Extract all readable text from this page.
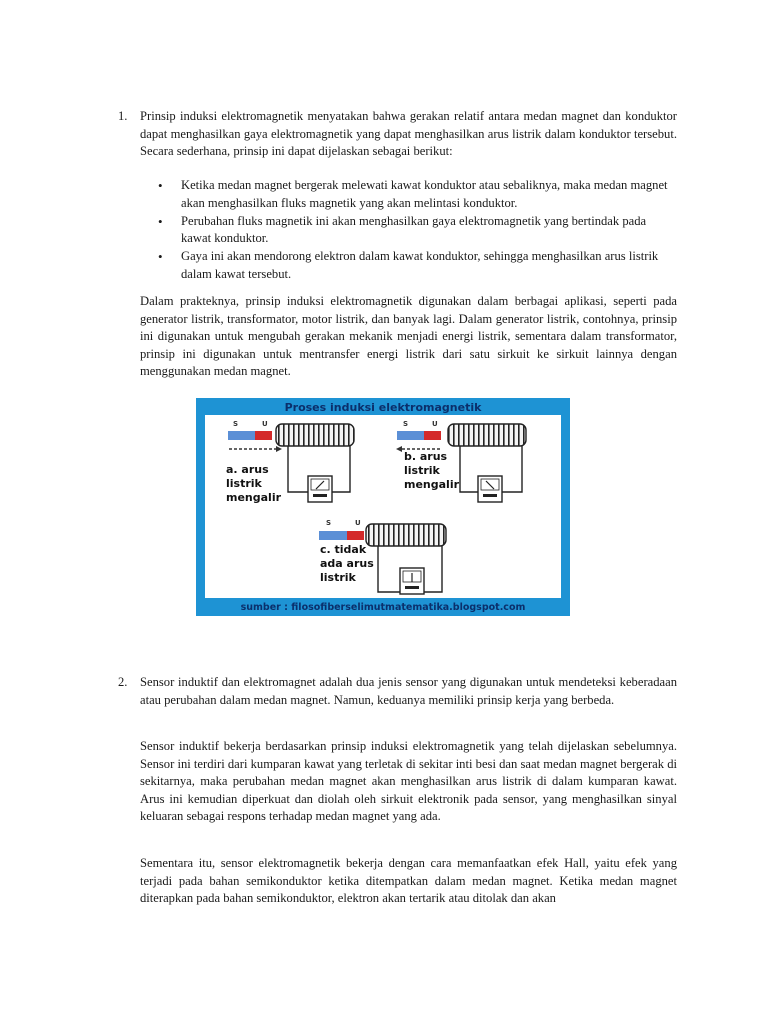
1. Prinsip induksi elektromagnetik menyatakan bahwa gerakan relatif antara medan magnet dan konduktor dapat menghasilkan gaya elektromagnetik yang dapat menghasilkan arus listrik dalam konduktor tersebut. Secara sederhana, prinsip ini dapat dijelaskan sebagai berikut:

• Ketika medan magnet bergerak melewati kawat konduktor atau sebaliknya, maka medan magnet akan menghasilkan fluks magnetik yang akan melintasi konduktor.
• Perubahan fluks magnetik ini akan menghasilkan gaya elektromagnetik yang bertindak pada kawat konduktor.
• Gaya ini akan mendorong elektron dalam kawat konduktor, sehingga menghasilkan arus listrik dalam kawat tersebut.

Dalam prakteknya, prinsip induksi elektromagnetik digunakan dalam berbagai aplikasi, seperti pada generator listrik, transformator, motor listrik, dan banyak lagi. Dalam generator listrik, contohnya, prinsip ini digunakan untuk mengubah gerakan mekanik menjadi energi listrik, sementara dalam transformator, prinsip ini digunakan untuk mentransfer energi listrik dari satu sirkuit ke sirkuit lainnya dengan menggunakan medan magnet.

Proses induksi elektromagnetik
S	U
a. arus
listrik
mengalir
S	U
b. arus
listrik
mengalir
S	U
c. tidak
ada arus
listrik
sumber : filosofiberselimutmatematika.blogspot.com
2. Sensor induktif dan elektromagnet adalah dua jenis sensor yang digunakan untuk mendeteksi keberadaan atau perubahan dalam medan magnet. Namun, keduanya memiliki prinsip kerja yang berbeda.

Sensor induktif bekerja berdasarkan prinsip induksi elektromagnetik yang telah dijelaskan sebelumnya. Sensor ini terdiri dari kumparan kawat yang terletak di sekitar inti besi dan saat medan magnet bergerak di sekitarnya, maka perubahan medan magnet akan menghasilkan arus listrik di dalam kumparan kawat. Arus ini kemudian diperkuat dan diolah oleh sirkuit elektronik pada sensor, yang menghasilkan sinyal keluaran sebagai respons terhadap medan magnet yang ada.

Sementara itu, sensor elektromagnetik bekerja dengan cara memanfaatkan efek Hall, yaitu efek yang terjadi pada bahan semikonduktor ketika ditempatkan dalam medan magnet. Ketika medan magnet diterapkan pada bahan semikonduktor, elektron akan tertarik atau ditolak dan akan
